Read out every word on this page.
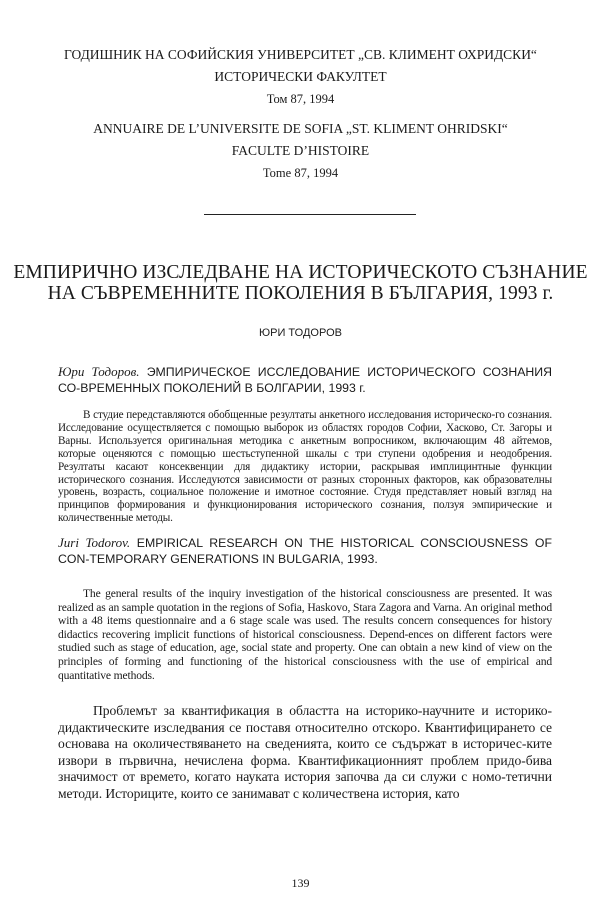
ГОДИШНИК НА СОФИЙСКИЯ УНИВЕРСИТЕТ „СВ. КЛИМЕНТ ОХРИДСКИ“
ИСТОРИЧЕСКИ ФАКУЛТЕТ
Том 87, 1994
ANNUAIRE DE L’UNIVERSITE DE SOFIA „ST. KLIMENT OHRIDSKI“
FACULTE D’HISTOIRE
Tome 87, 1994
ЕМПИРИЧНО ИЗСЛЕДВАНЕ НА ИСТОРИЧЕСКОТО СЪЗНАНИЕ
НА СЪВРЕМЕННИТЕ ПОКОЛЕНИЯ В БЪЛГАРИЯ, 1993 г.
ЮРИ ТОДОРОВ
Юри Тодоров. ЭМПИРИЧЕСКОЕ ИССЛЕДОВАНИЕ ИСТОРИЧЕСКОГО СОЗНАНИЯ СО-ВРЕМЕННЫХ ПОКОЛЕНИЙ В БОЛГАРИИ, 1993 г.
В студие передставляются обобщенные резултаты анкетного исследования историческо-го сознания. Исследование осуществляется с помощью выборок из областях городов Софии, Хасково, Ст. Загоры и Варны. Используется оригинальная методика с анкетным вопросником, включающим 48 айтемов, которые оценяются с помощью шестьступенной шкалы с три ступени одобрения и неодобрения. Резултаты касают консеквенции для дидактику истории, раскрывая имплицинтные функции исторического сознания. Исследуются зависимости от разных сторонных факторов, как образователны уровень, возрасть, социальное положение и имотное состояние. Студя представляет новый взгляд на принципов формирования и функционирования исторического сознания, ползуя эмпирические и количественные методы.
Juri Todorov. EMPIRICAL RESEARCH ON THE HISTORICAL CONSCIOUSNESS OF CON-TEMPORARY GENERATIONS IN BULGARIA, 1993.
The general results of the inquiry investigation of the historical consciousness are presented. It was realized as an sample quotation in the regions of Sofia, Haskovo, Stara Zagora and Varna. An original method with a 48 items questionnaire and a 6 stage scale was used. The results concern consequences for history didactics recovering implicit functions of historical consciousness. Depend-ences on different factors were studied such as stage of education, age, social state and property. One can obtain a new kind of view on the principles of forming and functioning of the historical consciousness with the use of empirical and quantitative methods.
Проблемът за квантификация в областта на историко-научните и историко-дидактическите изследвания се поставя относително отскоро. Квантифицирането се основава на околичествяването на сведенията, които се съдържат в историчес-ките извори в първична, нечислена форма. Квантификационният проблем придо-бива значимост от времето, когато науката история започва да си служи с номо-тетични методи. Историците, които се занимават с количествена история, като
139
